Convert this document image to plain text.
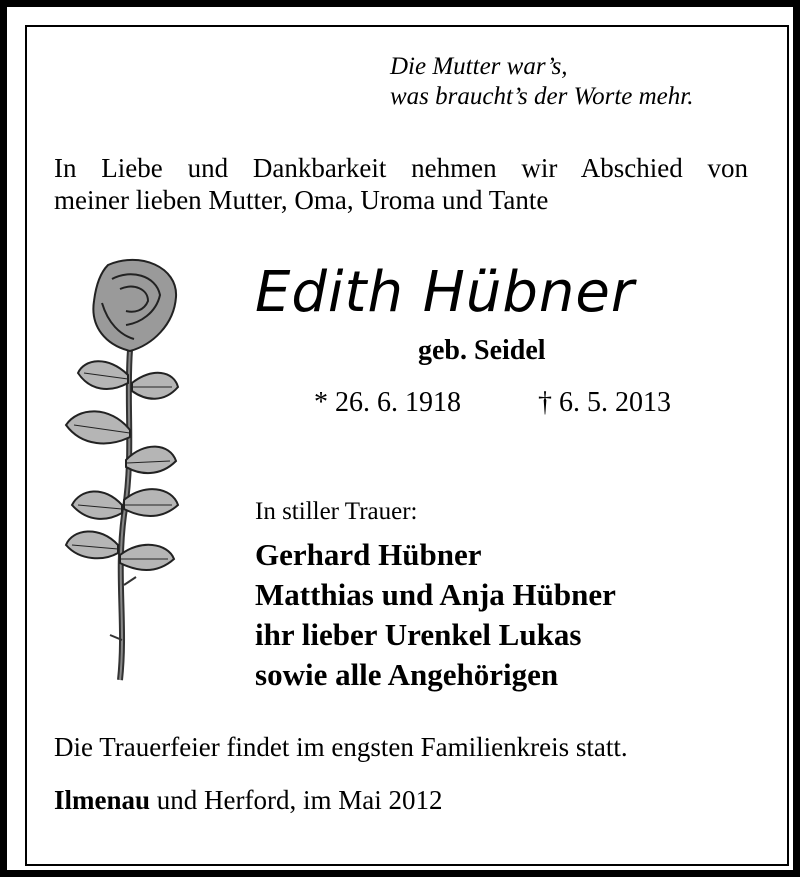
Die Mutter war’s,
was braucht’s der Worte mehr.
In Liebe und Dankbarkeit nehmen wir Abschied von
meiner lieben Mutter, Oma, Uroma und Tante
Edith Hübner
geb. Seidel
* 26. 6. 1918	† 6. 5. 2013
In stiller Trauer:
Gerhard Hübner
Matthias und Anja Hübner
ihr lieber Urenkel Lukas
sowie alle Angehörigen
Die Trauerfeier findet im engsten Familienkreis statt.
Ilmenau und Herford, im Mai 2012
